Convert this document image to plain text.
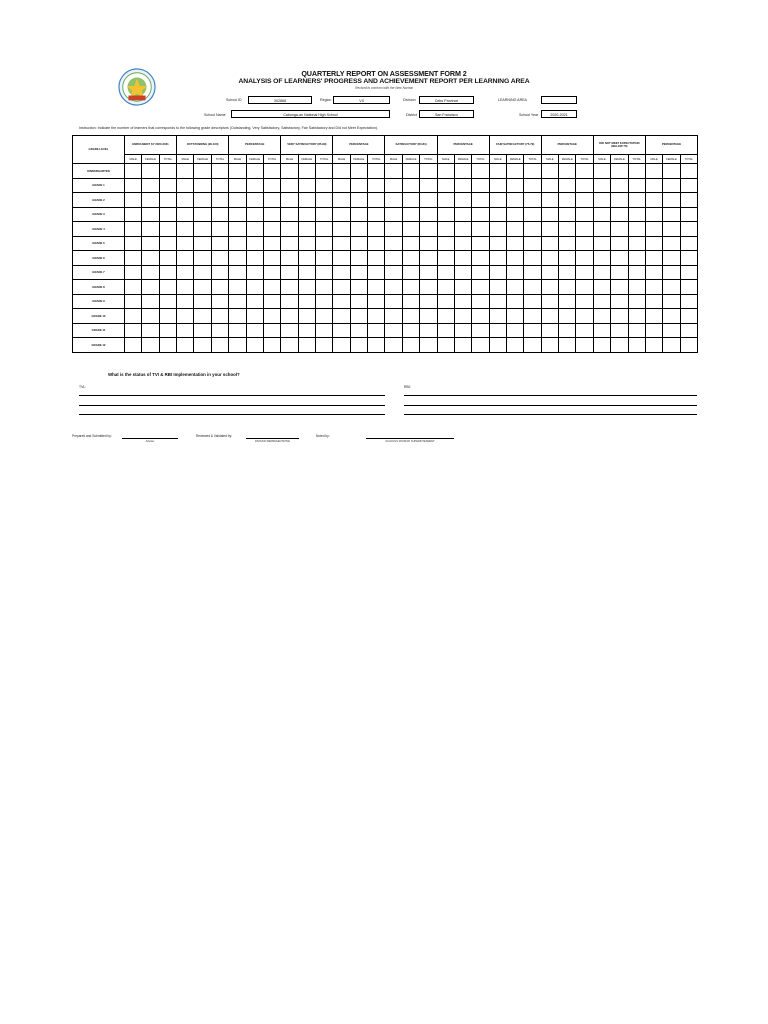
QUARTERLY REPORT ON ASSESSMENT FORM 2
ANALYSIS OF LEARNERS' PROGRESS AND ACHIEVEMENT REPORT PER LEARNING AREA
Revised to conform with the New Normal
School ID	302868	Region	VII	Division	Cebu Province	LEARNING AREA
School Name	Cabonga-an National High School	District	San Francisco	School Year	2020-2021
Instruction: Indicate the number of learners that corresponds to the following grade descriptors (Outstanding, Very Satisfactory, Satisfactory, Fair Satisfactory and Did not Meet Expectation).
GRADE LEVEL	ENROLMENT SY 2020-2021			OUTSTANDING (90-100)			PERCENTAGE			VERY SATISFACTORY (85-89)			PERCENTAGE			SATISFACTORY (80-84)			PERCENTAGE			FAIR SATISFACTORY (75-79)			PERCENTAGE			DID NOT MEET EXPECTATION (BELOW 75)			PERCENTAGE		
	MALE	FEMALE	TOTAL	MALE	FEMALE	TOTAL	MALE	FEMALE	TOTAL	MALE	FEMALE	TOTAL	MALE	FEMALE	TOTAL	MALE	FEMALE	TOTAL	MALE	FEMALE	TOTAL	MALE	FEMALE	TOTAL	MALE	FEMALE	TOTAL	MALE	FEMALE	TOTAL	MALE	FEMALE	TOTAL
KINDERGARTEN																																	
GRADE 1																																	
GRADE 2																																	
GRADE 3																																	
GRADE 4																																	
GRADE 5																																	
GRADE 6																																	
GRADE 7																																	
GRADE 8																																	
GRADE 9																																	
GRADE 10																																	
GRADE 11																																	
GRADE 12																																	
What is the status of TVI & RBI Implementation in your school?
TVL:	RBI:
Prepared and Submitted by:
Adviser
Reviewed & Validated by:
DIVISION REPRESENTATIVE
Noted by:
SCHOOLS DIVISION SUPERINTENDENT
